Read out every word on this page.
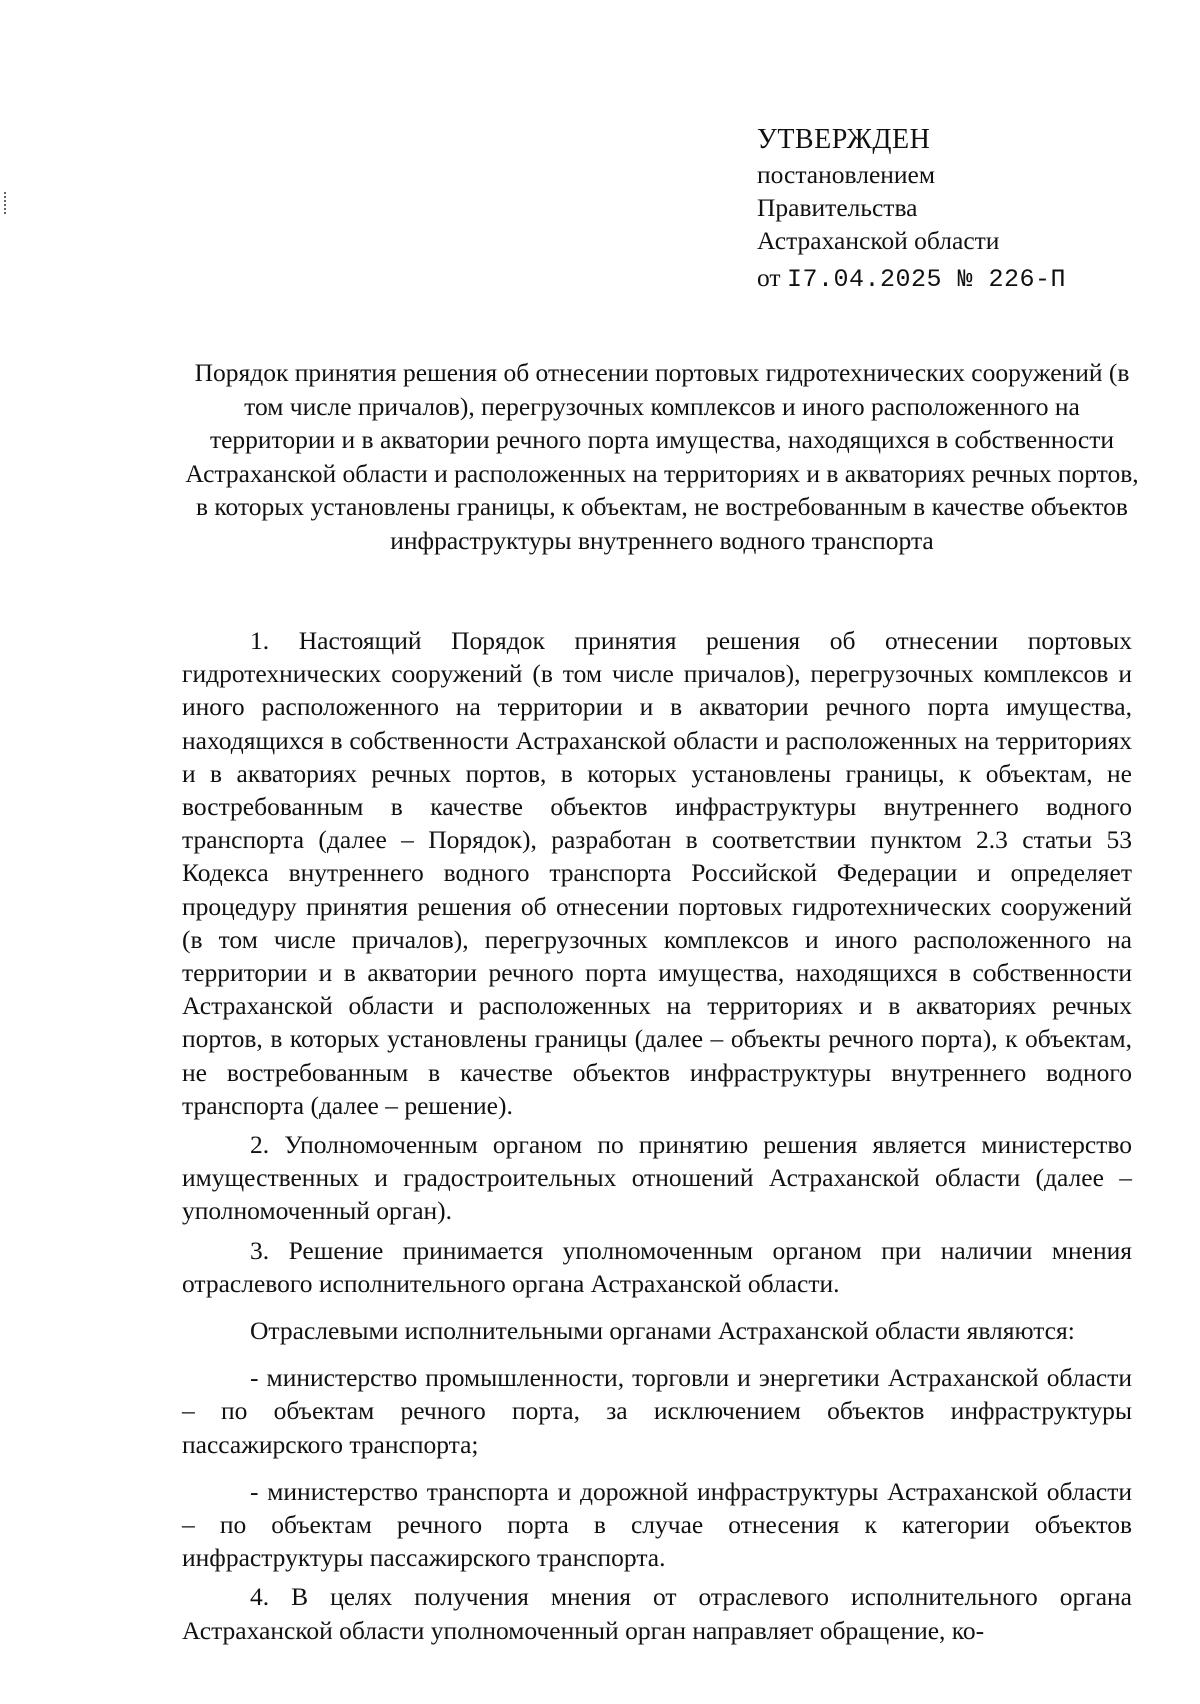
УТВЕРЖДЕН
постановлением
Правительства
Астраханской области
от I7.04.2025 № 226-П
Порядок принятия решения об отнесении портовых гидротехнических сооружений (в том числе причалов), перегрузочных комплексов и иного расположенного на территории и в акватории речного порта имущества, находящихся в собственности Астраханской области и расположенных на территориях и в акваториях речных портов, в которых установлены границы, к объектам, не востребованным в качестве объектов инфраструктуры внутреннего водного транспорта

1. Настоящий Порядок принятия решения об отнесении портовых гидротехнических сооружений (в том числе причалов), перегрузочных комплексов и иного расположенного на территории и в акватории речного порта имущества, находящихся в собственности Астраханской области и расположенных на территориях и в акваториях речных портов, в которых установлены границы, к объектам, не востребованным в качестве объектов инфраструктуры внутреннего водного транспорта (далее – Порядок), разработан в соответствии пунктом 2.3 статьи 53 Кодекса внутреннего водного транспорта Российской Федерации и определяет процедуру принятия решения об отнесении портовых гидротехнических сооружений (в том числе причалов), перегрузочных комплексов и иного расположенного на территории и в акватории речного порта имущества, находящихся в собственности Астраханской области и расположенных на территориях и в акваториях речных портов, в которых установлены границы (далее – объекты речного порта), к объектам, не востребованным в качестве объектов инфраструктуры внутреннего водного транспорта (далее – решение).

2. Уполномоченным органом по принятию решения является министерство имущественных и градостроительных отношений Астраханской области (далее – уполномоченный орган).

3. Решение принимается уполномоченным органом при наличии мнения отраслевого исполнительного органа Астраханской области.

Отраслевыми исполнительными органами Астраханской области являются:

- министерство промышленности, торговли и энергетики Астраханской области – по объектам речного порта, за исключением объектов инфраструктуры пассажирского транспорта;

- министерство транспорта и дорожной инфраструктуры Астраханской области – по объектам речного порта в случае отнесения к категории объектов инфраструктуры пассажирского транспорта.

4. В целях получения мнения от отраслевого исполнительного органа Астраханской области уполномоченный орган направляет обращение, ко-
